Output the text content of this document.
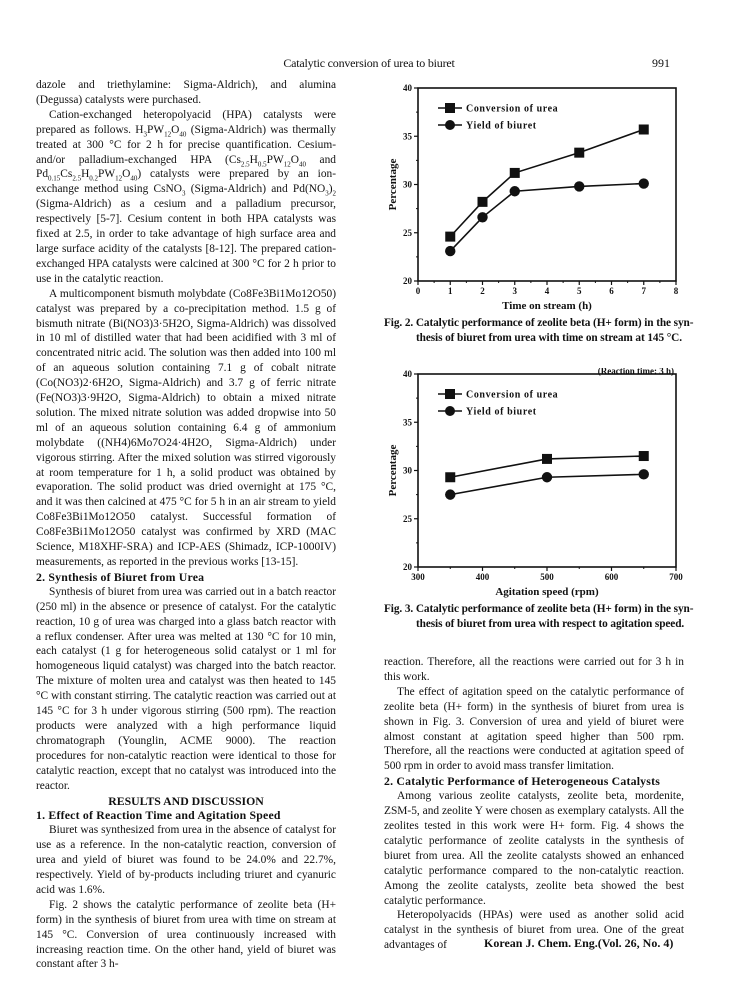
Catalytic conversion of urea to biuret	991

dazole and triethylamine: Sigma-Aldrich), and alumina (Degussa) catalysts were purchased.

Cation-exchanged heteropolyacid (HPA) catalysts were prepared as follows. $H_3PW_{12}O_{40}$ (Sigma-Aldrich) was thermally treated at 300 °C for 2 h for precise quantification. Cesium- and/or palladium-exchanged HPA ($Cs_{2.5}H_{0.5}PW_{12}O_{40}$ and $Pd_{0.15}Cs_{2.5}H_{0.2}PW_{12}O_{40}$) catalysts were prepared by an ion-exchange method using CsNO$_3$ (Sigma-Aldrich) and $Pd(NO_3)_2$ (Sigma-Aldrich) as a cesium and a palladium precursor, respectively [5-7]. Cesium content in both HPA catalysts was fixed at 2.5, in order to take advantage of high surface area and large surface acidity of the catalysts [8-12]. The prepared cation-exchanged HPA catalysts were calcined at 300 °C for 2 h prior to use in the catalytic reaction.

A multicomponent bismuth molybdate (Co8Fe3Bi1Mo12O50) catalyst was prepared by a co-precipitation method. 1.5 g of bismuth nitrate (Bi(NO3)3·5H2O, Sigma-Aldrich) was dissolved in 10 ml of distilled water that had been acidified with 3 ml of concentrated nitric acid. The solution was then added into 100 ml of an aqueous solution containing 7.1 g of cobalt nitrate (Co(NO3)2·6H2O, Sigma-Aldrich) and 3.7 g of ferric nitrate (Fe(NO3)3·9H2O, Sigma-Aldrich) to obtain a mixed nitrate solution. The mixed nitrate solution was added dropwise into 50 ml of an aqueous solution containing 6.4 g of ammonium molybdate ((NH4)6Mo7O24·4H2O, Sigma-Aldrich) under vigorous stirring. After the mixed solution was stirred vigorously at room temperature for 1 h, a solid product was obtained by evaporation. The solid product was dried overnight at 175 °C, and it was then calcined at 475 °C for 5 h in an air stream to yield Co8Fe3Bi1Mo12O50 catalyst. Successful formation of Co8Fe3Bi1Mo12O50 catalyst was confirmed by XRD (MAC Science, M18XHF-SRA) and ICP-AES (Shimadz, ICP-1000IV) measurements, as reported in the previous works [13-15].

2. Synthesis of Biuret from Urea

Synthesis of biuret from urea was carried out in a batch reactor (250 ml) in the absence or presence of catalyst. For the catalytic reaction, 10 g of urea was charged into a glass batch reactor with a reflux condenser. After urea was melted at 130 °C for 10 min, each catalyst (1 g for heterogeneous solid catalyst or 1 ml for homogeneous liquid catalyst) was charged into the batch reactor. The mixture of molten urea and catalyst was then heated to 145 °C with constant stirring. The catalytic reaction was carried out at 145 °C for 3 h under vigorous stirring (500 rpm). The reaction products were analyzed with a high performance liquid chromatograph (Younglin, ACME 9000). The reaction procedures for non-catalytic reaction were identical to those for catalytic reaction, except that no catalyst was introduced into the reactor.

RESULTS AND DISCUSSION

1. Effect of Reaction Time and Agitation Speed

Biuret was synthesized from urea in the absence of catalyst for use as a reference. In the non-catalytic reaction, conversion of urea and yield of biuret was found to be 24.0% and 22.7%, respectively. Yield of by-products including triuret and cyanuric acid was 1.6%.

Fig. 2 shows the catalytic performance of zeolite beta (H+ form) in the synthesis of biuret from urea with time on stream at 145 °C. Conversion of urea continuously increased with increasing reaction time. On the other hand, yield of biuret was constant after 3 h-

20
25
30
35
40
0	1	2	3	4	5	6	7	8
Time on stream (h)
Percentage
Conversion of urea
Yield of biuret
Fig. 2. Catalytic performance of zeolite beta (H+ form) in the syn-
thesis of biuret from urea with time on stream at 145 °C.
(Reaction time: 3 h)
20
25
30
35
40
300	400	500	600	700
Agitation speed (rpm)
Percentage
Conversion of urea
Yield of biuret
Fig. 3. Catalytic performance of zeolite beta (H+ form) in the syn-
thesis of biuret from urea with respect to agitation speed.

reaction. Therefore, all the reactions were carried out for 3 h in this work.

The effect of agitation speed on the catalytic performance of zeolite beta (H+ form) in the synthesis of biuret from urea is shown in Fig. 3. Conversion of urea and yield of biuret were almost constant at agitation speed higher than 500 rpm. Therefore, all the reactions were conducted at agitation speed of 500 rpm in order to avoid mass transfer limitation.

2. Catalytic Performance of Heterogeneous Catalysts

Among various zeolite catalysts, zeolite beta, mordenite, ZSM-5, and zeolite Y were chosen as exemplary catalysts. All the zeolites tested in this work were H+ form. Fig. 4 shows the catalytic performance of zeolite catalysts in the synthesis of biuret from urea. All the zeolite catalysts showed an enhanced catalytic performance compared to the non-catalytic reaction. Among the zeolite catalysts, zeolite beta showed the best catalytic performance.

Heteropolyacids (HPAs) were used as another solid acid catalyst in the synthesis of biuret from urea. One of the great advantages of	Korean J. Chem. Eng.(Vol. 26, No. 4)
